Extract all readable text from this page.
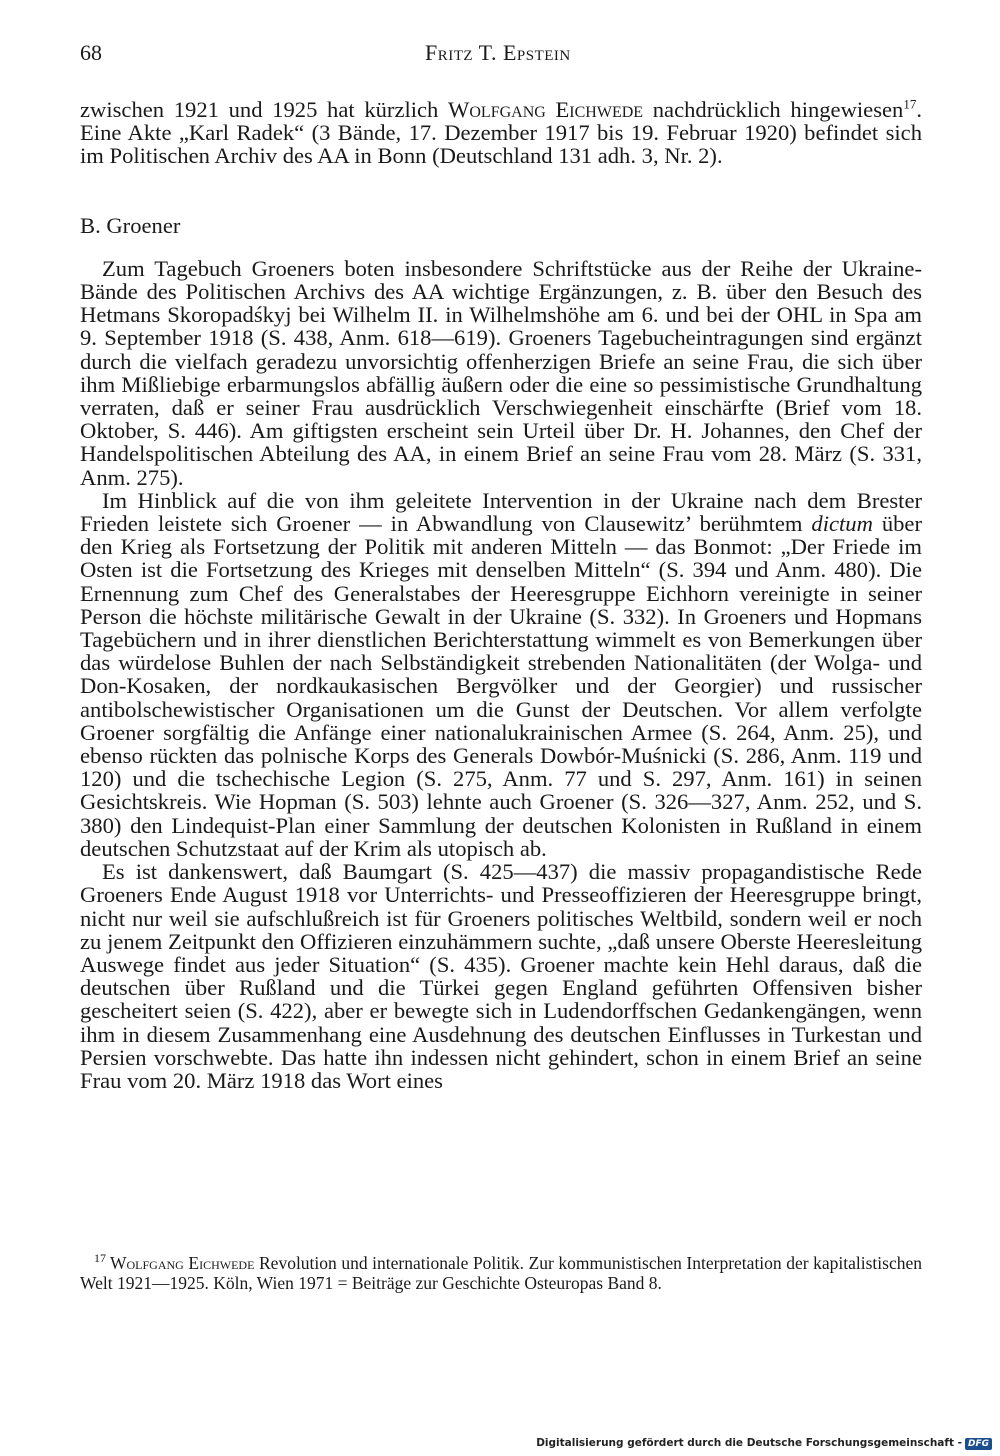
68	Fritz T. Epstein

zwischen 1921 und 1925 hat kürzlich Wolfgang Eichwede nachdrücklich hingewiesen$^{17}$. Eine Akte „Karl Radek“ (3 Bände, 17. Dezember 1917 bis 19. Februar 1920) befindet sich im Politischen Archiv des AA in Bonn (Deutschland 131 adh. 3, Nr. 2).

B. Groener

Zum Tagebuch Groeners boten insbesondere Schriftstücke aus der Reihe der Ukraine-Bände des Politischen Archivs des AA wichtige Ergänzungen, z. B. über den Besuch des Hetmans Skoropadśkyj bei Wilhelm II. in Wilhelmshöhe am 6. und bei der OHL in Spa am 9. September 1918 (S. 438, Anm. 618—619). Groeners Tagebucheintragungen sind ergänzt durch die vielfach geradezu unvorsichtig offenherzigen Briefe an seine Frau, die sich über ihm Mißliebige erbarmungslos abfällig äußern oder die eine so pessimistische Grundhaltung verraten, daß er seiner Frau ausdrücklich Verschwiegenheit einschärfte (Brief vom 18. Oktober, S. 446). Am giftigsten erscheint sein Urteil über Dr. H. Johannes, den Chef der Handelspolitischen Abteilung des AA, in einem Brief an seine Frau vom 28. März (S. 331, Anm. 275).

Im Hinblick auf die von ihm geleitete Intervention in der Ukraine nach dem Brester Frieden leistete sich Groener — in Abwandlung von Clausewitz’ berühmtem dictum über den Krieg als Fortsetzung der Politik mit anderen Mitteln — das Bonmot: „Der Friede im Osten ist die Fortsetzung des Krieges mit denselben Mitteln“ (S. 394 und Anm. 480). Die Ernennung zum Chef des Generalstabes der Heeresgruppe Eichhorn vereinigte in seiner Person die höchste militärische Gewalt in der Ukraine (S. 332). In Groeners und Hopmans Tagebüchern und in ihrer dienstlichen Berichterstattung wimmelt es von Bemerkungen über das würdelose Buhlen der nach Selbständigkeit strebenden Nationalitäten (der Wolga- und Don-Kosaken, der nordkaukasischen Bergvölker und der Georgier) und russischer antibolschewistischer Organisationen um die Gunst der Deutschen. Vor allem verfolgte Groener sorgfältig die Anfänge einer nationalukrainischen Armee (S. 264, Anm. 25), und ebenso rückten das polnische Korps des Generals Dowbór-Muśnicki (S. 286, Anm. 119 und 120) und die tschechische Legion (S. 275, Anm. 77 und S. 297, Anm. 161) in seinen Gesichtskreis. Wie Hopman (S. 503) lehnte auch Groener (S. 326—327, Anm. 252, und S. 380) den Lindequist-Plan einer Sammlung der deutschen Kolonisten in Rußland in einem deutschen Schutzstaat auf der Krim als utopisch ab.

Es ist dankenswert, daß Baumgart (S. 425—437) die massiv propagandistische Rede Groeners Ende August 1918 vor Unterrichts- und Presseoffizieren der Heeresgruppe bringt, nicht nur weil sie aufschlußreich ist für Groeners politisches Weltbild, sondern weil er noch zu jenem Zeitpunkt den Offizieren einzuhämmern suchte, „daß unsere Oberste Heeresleitung Auswege findet aus jeder Situation“ (S. 435). Groener machte kein Hehl daraus, daß die deutschen über Rußland und die Türkei gegen England geführten Offensiven bisher gescheitert seien (S. 422), aber er bewegte sich in Ludendorffschen Gedankengängen, wenn ihm in diesem Zusammenhang eine Ausdehnung des deutschen Einflusses in Turkestan und Persien vorschwebte. Das hatte ihn indessen nicht gehindert, schon in einem Brief an seine Frau vom 20. März 1918 das Wort eines

$^{17}$ Wolfgang Eichwede Revolution und internationale Politik. Zur kommunistischen Interpretation der kapitalistischen Welt 1921—1925. Köln, Wien 1971 = Beiträge zur Geschichte Osteuropas Band 8.

Digitalisierung gefördert durch die Deutsche Forschungsgemeinschaft - DFG
